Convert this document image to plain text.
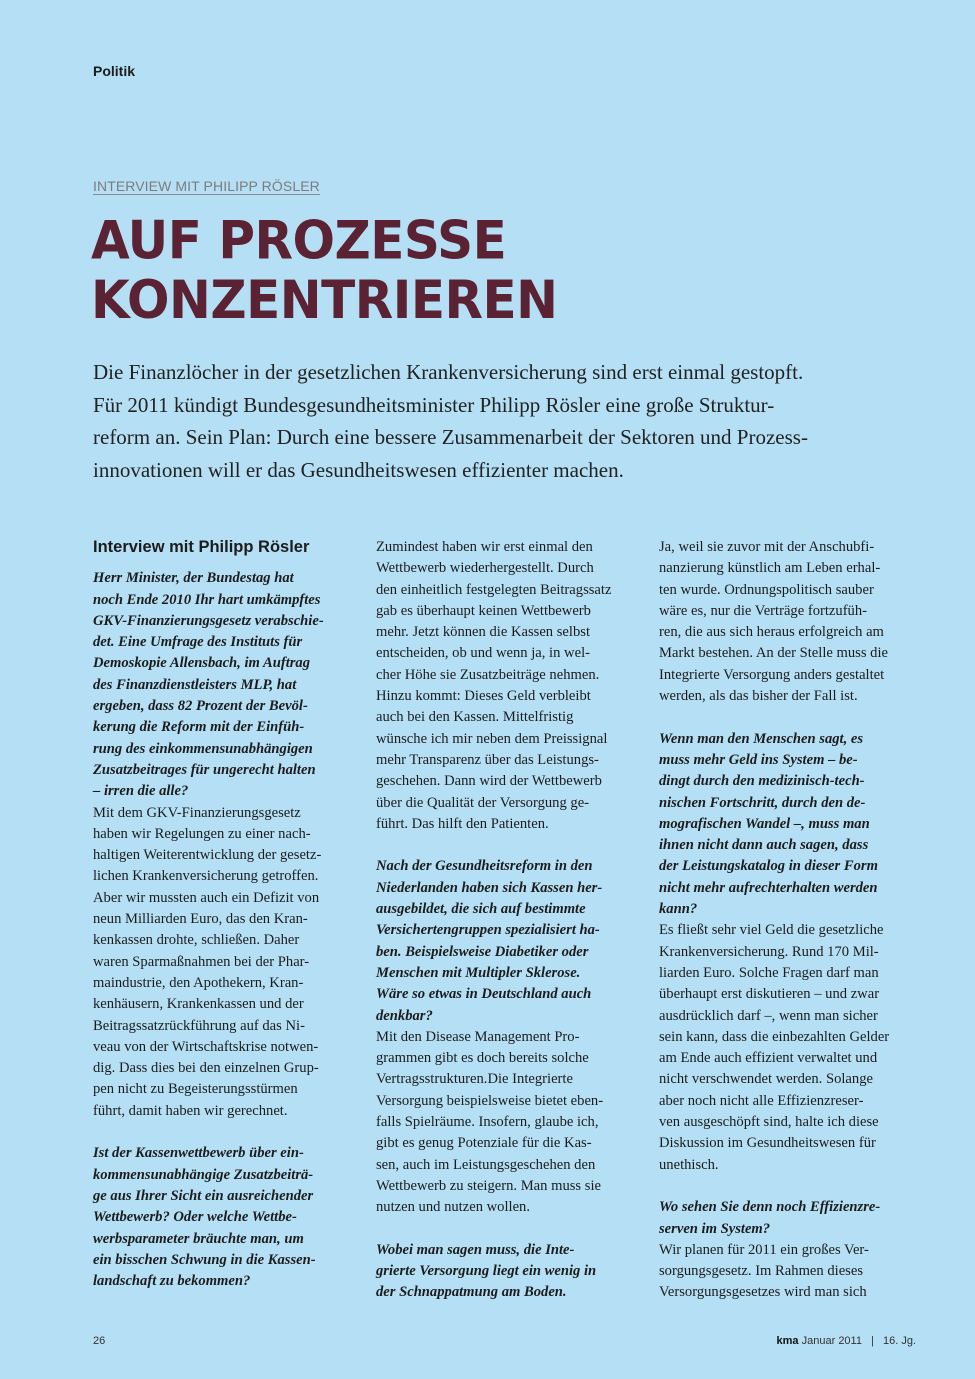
Politik
INTERVIEW MIT PHILIPP RÖSLER
AUF PROZESSE
KONZENTRIEREN

Die Finanzlöcher in der gesetzlichen Krankenversicherung sind erst einmal gestopft.
Für 2011 kündigt Bundesgesundheitsminister Philipp Rösler eine große Struktur-
reform an. Sein Plan: Durch eine bessere Zusammenarbeit der Sektoren und Prozess-
innovationen will er das Gesundheitswesen effizienter machen.

Interview mit Philipp Rösler
Herr Minister, der Bundestag hat
noch Ende 2010 Ihr hart umkämpftes
GKV-Finanzierungsgesetz verabschie-
det. Eine Umfrage des Instituts für
Demoskopie Allensbach, im Auftrag
des Finanzdienstleisters MLP, hat
ergeben, dass 82 Prozent der Bevöl-
kerung die Reform mit der Einfüh-
rung des einkommensunabhängigen
Zusatzbeitrages für ungerecht halten
– irren die alle?
Mit dem GKV-Finanzierungsgesetz
haben wir Regelungen zu einer nach-
haltigen Weiterentwicklung der gesetz-
lichen Krankenversicherung getroffen.
Aber wir mussten auch ein Defizit von
neun Milliarden Euro, das den Kran-
kenkassen drohte, schließen. Daher
waren Sparmaßnahmen bei der Phar-
maindustrie, den Apothekern, Kran-
kenhäusern, Krankenkassen und der
Beitragssatzrückführung auf das Ni-
veau von der Wirtschaftskrise notwen-
dig. Dass dies bei den einzelnen Grup-
pen nicht zu Begeisterungsstürmen
führt, damit haben wir gerechnet.
Ist der Kassenwettbewerb über ein-
kommensunabhängige Zusatzbeiträ-
ge aus Ihrer Sicht ein ausreichender
Wettbewerb? Oder welche Wettbe-
werbsparameter bräuchte man, um
ein bisschen Schwung in die Kassen-
landschaft zu bekommen?
Zumindest haben wir erst einmal den
Wettbewerb wiederhergestellt. Durch
den einheitlich festgelegten Beitragssatz
gab es überhaupt keinen Wettbewerb
mehr. Jetzt können die Kassen selbst
entscheiden, ob und wenn ja, in wel-
cher Höhe sie Zusatzbeiträge nehmen.
Hinzu kommt: Dieses Geld verbleibt
auch bei den Kassen. Mittelfristig
wünsche ich mir neben dem Preissignal
mehr Transparenz über das Leistungs-
geschehen. Dann wird der Wettbewerb
über die Qualität der Versorgung ge-
führt. Das hilft den Patienten.
Nach der Gesundheitsreform in den
Niederlanden haben sich Kassen her-
ausgebildet, die sich auf bestimmte
Versichertengruppen spezialisiert ha-
ben. Beispielsweise Diabetiker oder
Menschen mit Multipler Sklerose.
Wäre so etwas in Deutschland auch
denkbar?
Mit den Disease Management Pro-
grammen gibt es doch bereits solche
Vertragsstrukturen.Die Integrierte
Versorgung beispielsweise bietet eben-
falls Spielräume. Insofern, glaube ich,
gibt es genug Potenziale für die Kas-
sen, auch im Leistungsgeschehen den
Wettbewerb zu steigern. Man muss sie
nutzen und nutzen wollen.
Wobei man sagen muss, die Inte-
grierte Versorgung liegt ein wenig in
der Schnappatmung am Boden.
Ja, weil sie zuvor mit der Anschubfi-
nanzierung künstlich am Leben erhal-
ten wurde. Ordnungspolitisch sauber
wäre es, nur die Verträge fortzufüh-
ren, die aus sich heraus erfolgreich am
Markt bestehen. An der Stelle muss die
Integrierte Versorgung anders gestaltet
werden, als das bisher der Fall ist.
Wenn man den Menschen sagt, es
muss mehr Geld ins System – be-
dingt durch den medizinisch-tech-
nischen Fortschritt, durch den de-
mografischen Wandel –, muss man
ihnen nicht dann auch sagen, dass
der Leistungskatalog in dieser Form
nicht mehr aufrechterhalten werden
kann?
Es fließt sehr viel Geld die gesetzliche
Krankenversicherung. Rund 170 Mil-
liarden Euro. Solche Fragen darf man
überhaupt erst diskutieren – und zwar
ausdrücklich darf –, wenn man sicher
sein kann, dass die einbezahlten Gelder
am Ende auch effizient verwaltet und
nicht verschwendet werden. Solange
aber noch nicht alle Effizienzreser-
ven ausgeschöpft sind, halte ich diese
Diskussion im Gesundheitswesen für
unethisch.
Wo sehen Sie denn noch Effizienzre-
serven im System?
Wir planen für 2011 ein großes Ver-
sorgungsgesetz. Im Rahmen dieses
Versorgungsgesetzes wird man sich
26	kma Januar 2011 | 16. Jg.
